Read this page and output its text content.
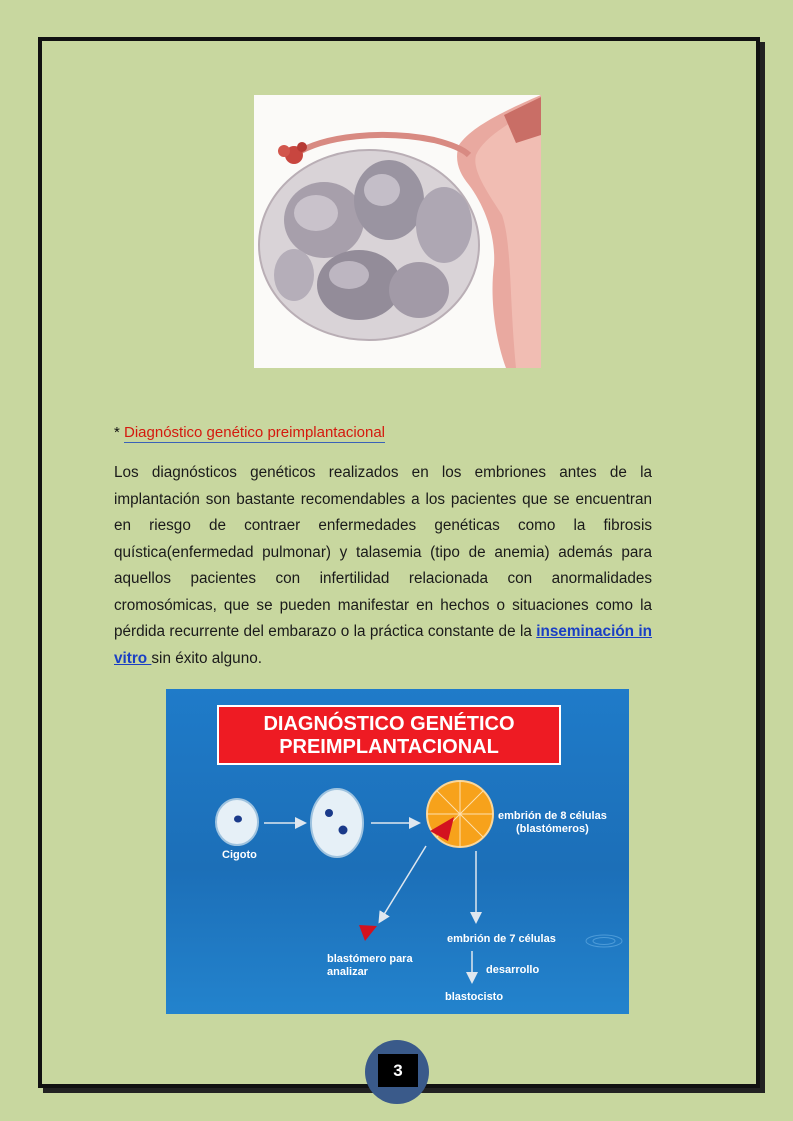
* Diagnóstico genético preimplantacional
Los diagnósticos genéticos realizados en los embriones antes de la implantación son bastante recomendables a los pacientes que se encuentran en riesgo de contraer enfermedades genéticas como la fibrosis quística(enfermedad pulmonar) y talasemia (tipo de anemia) además para aquellos pacientes con infertilidad relacionada con anormalidades cromosómicas, que se pueden manifestar en hechos o situaciones como la pérdida recurrente del embarazo o la práctica constante de la inseminación in vitro sin éxito alguno.
DIAGNÓSTICO GENÉTICO
PREIMPLANTACIONAL
Cigoto
embrión de 8 células
(blastómeros)
embrión de 7 células
blastómero para
analizar	desarrollo
blastocisto
3
